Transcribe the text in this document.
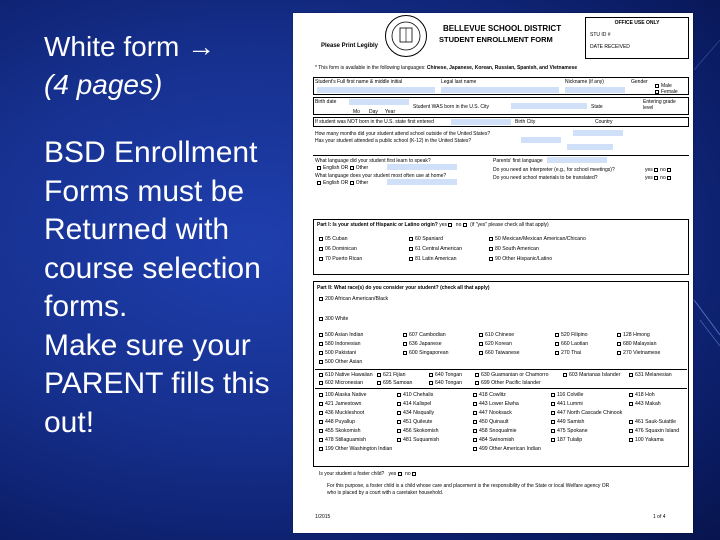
White form →
(4 pages)
BSD Enrollment
Forms must be
Returned with
course selection
forms.
Make sure your
PARENT fills this
out!
Please Print Legibly
BELLEVUE SCHOOL DISTRICT
STUDENT ENROLLMENT FORM
OFFICE USE ONLY
STU ID #
DATE RECEIVED
* This form is available in the following languages: Chinese, Japanese, Korean, Russian, Spanish, and Vietnamese
Student's Full first name & middle initial	Legal last name	Nickname (if any)	Gender
Male
Female
Birth date
Mo Day Year
Student WAS born in the U.S. City	State
Entering grade level
If student was NOT born in the U.S. state first entered	Birth City	Country
How many months did your student attend school outside of the United States?
Has your student attended a public school (K-12) in the United States?
What language did your student first learn to speak?
English OR Other
What language does your student most often use at home?
English OR Other
Parents' first language
Do you need an Interpreter (e.g., for school meetings)?	yes no
Do you need school materials to be translated?	yes no
Part I: Is your student of Hispanic or Latino origin? yes no (if "yes" please check all that apply)
05 Cuban	60 Spaniard	50 Mexican/Mexican American/Chicano
06 Dominican	61 Central American	80 South American
70 Puerto Rican	81 Latin American	90 Other Hispanic/Latino
Part II: What race(s) do you consider your student? (check all that apply)
200 African American/Black
300 White
500 Asian Indian	607 Cambodian	610 Chinese	520 Filipino	128 Hmong
580 Indonesian	636 Japanese	620 Korean	660 Laotian	680 Malaysian
500 Pakistani	600 Singaporean	660 Taiwanese	270 Thai	270 Vietnamese
500 Other Asian
610 Native Hawaiian	621 Fijian	640 Tongan	630 Guamanian or Chamorro	603 Marianas Islander	631 Melanesian
602 Micronesian	695 Samoan	640 Tongan	699 Other Pacific Islander
100 Alaska Native	410 Chehalis	418 Cowlitz	116 Colville	418 Hoh
421 Jamestown	414 Kalispel	443 Lower Elwha	441 Lummi	443 Makah
436 Muckleshoot	434 Nisqually	447 Nooksack	447 North Cascade Chinook
448 Puyallup	451 Quileute	450 Quinault	449 Samish	461 Sauk-Suiattle
455 Skokomish	456 Skokomish	458 Snoqualmie	475 Spokane	476 Squaxin Island
478 Stillaguamish	481 Suquamish	484 Swinomish	187 Tulalip	100 Yakama
199 Other Washington Indian	499 Other American Indian
Is your student a foster child? yes no
For this purpose, a foster child is a child whose care and placement is the responsibility of the State or local Welfare agency OR
who is placed by a court with a caretaker household.
1/2015	1 of 4
